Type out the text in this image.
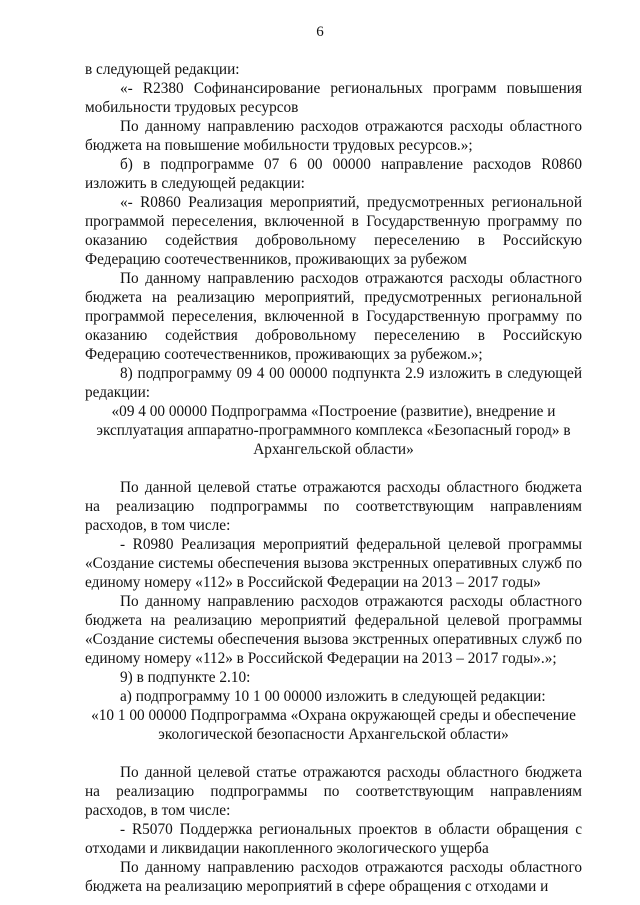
6

в следующей редакции:

«- R2380 Софинансирование региональных программ повышения мобильности трудовых ресурсов

По данному направлению расходов отражаются расходы областного бюджета на повышение мобильности трудовых ресурсов.»;

б) в подпрограмме 07 6 00 00000 направление расходов R0860 изложить в следующей редакции:

«- R0860 Реализация мероприятий, предусмотренных региональной программой переселения, включенной в Государственную программу по оказанию содействия добровольному переселению в Российскую Федерацию соотечественников, проживающих за рубежом

По данному направлению расходов отражаются расходы областного бюджета на реализацию мероприятий, предусмотренных региональной программой переселения, включенной в Государственную программу по оказанию содействия добровольному переселению в Российскую Федерацию соотечественников, проживающих за рубежом.»;

8) подпрограмму 09 4 00 00000 подпункта 2.9 изложить в следующей редакции:

«09 4 00 00000 Подпрограмма «Построение (развитие), внедрение и эксплуатация аппаратно-программного комплекса «Безопасный город» в Архангельской области»

По данной целевой статье отражаются расходы областного бюджета на реализацию подпрограммы по соответствующим направлениям расходов, в том числе:

- R0980 Реализация мероприятий федеральной целевой программы «Создание системы обеспечения вызова экстренных оперативных служб по единому номеру «112» в Российской Федерации на 2013 – 2017 годы»

По данному направлению расходов отражаются расходы областного бюджета на реализацию мероприятий федеральной целевой программы «Создание системы обеспечения вызова экстренных оперативных служб по единому номеру «112» в Российской Федерации на 2013 – 2017 годы».»;

9) в подпункте 2.10:

а) подпрограмму 10 1 00 00000 изложить в следующей редакции:

«10 1 00 00000 Подпрограмма «Охрана окружающей среды и обеспечение экологической безопасности Архангельской области»

По данной целевой статье отражаются расходы областного бюджета на реализацию подпрограммы по соответствующим направлениям расходов, в том числе:

- R5070 Поддержка региональных проектов в области обращения с отходами и ликвидации накопленного экологического ущерба

По данному направлению расходов отражаются расходы областного бюджета на реализацию мероприятий в сфере обращения с отходами и
